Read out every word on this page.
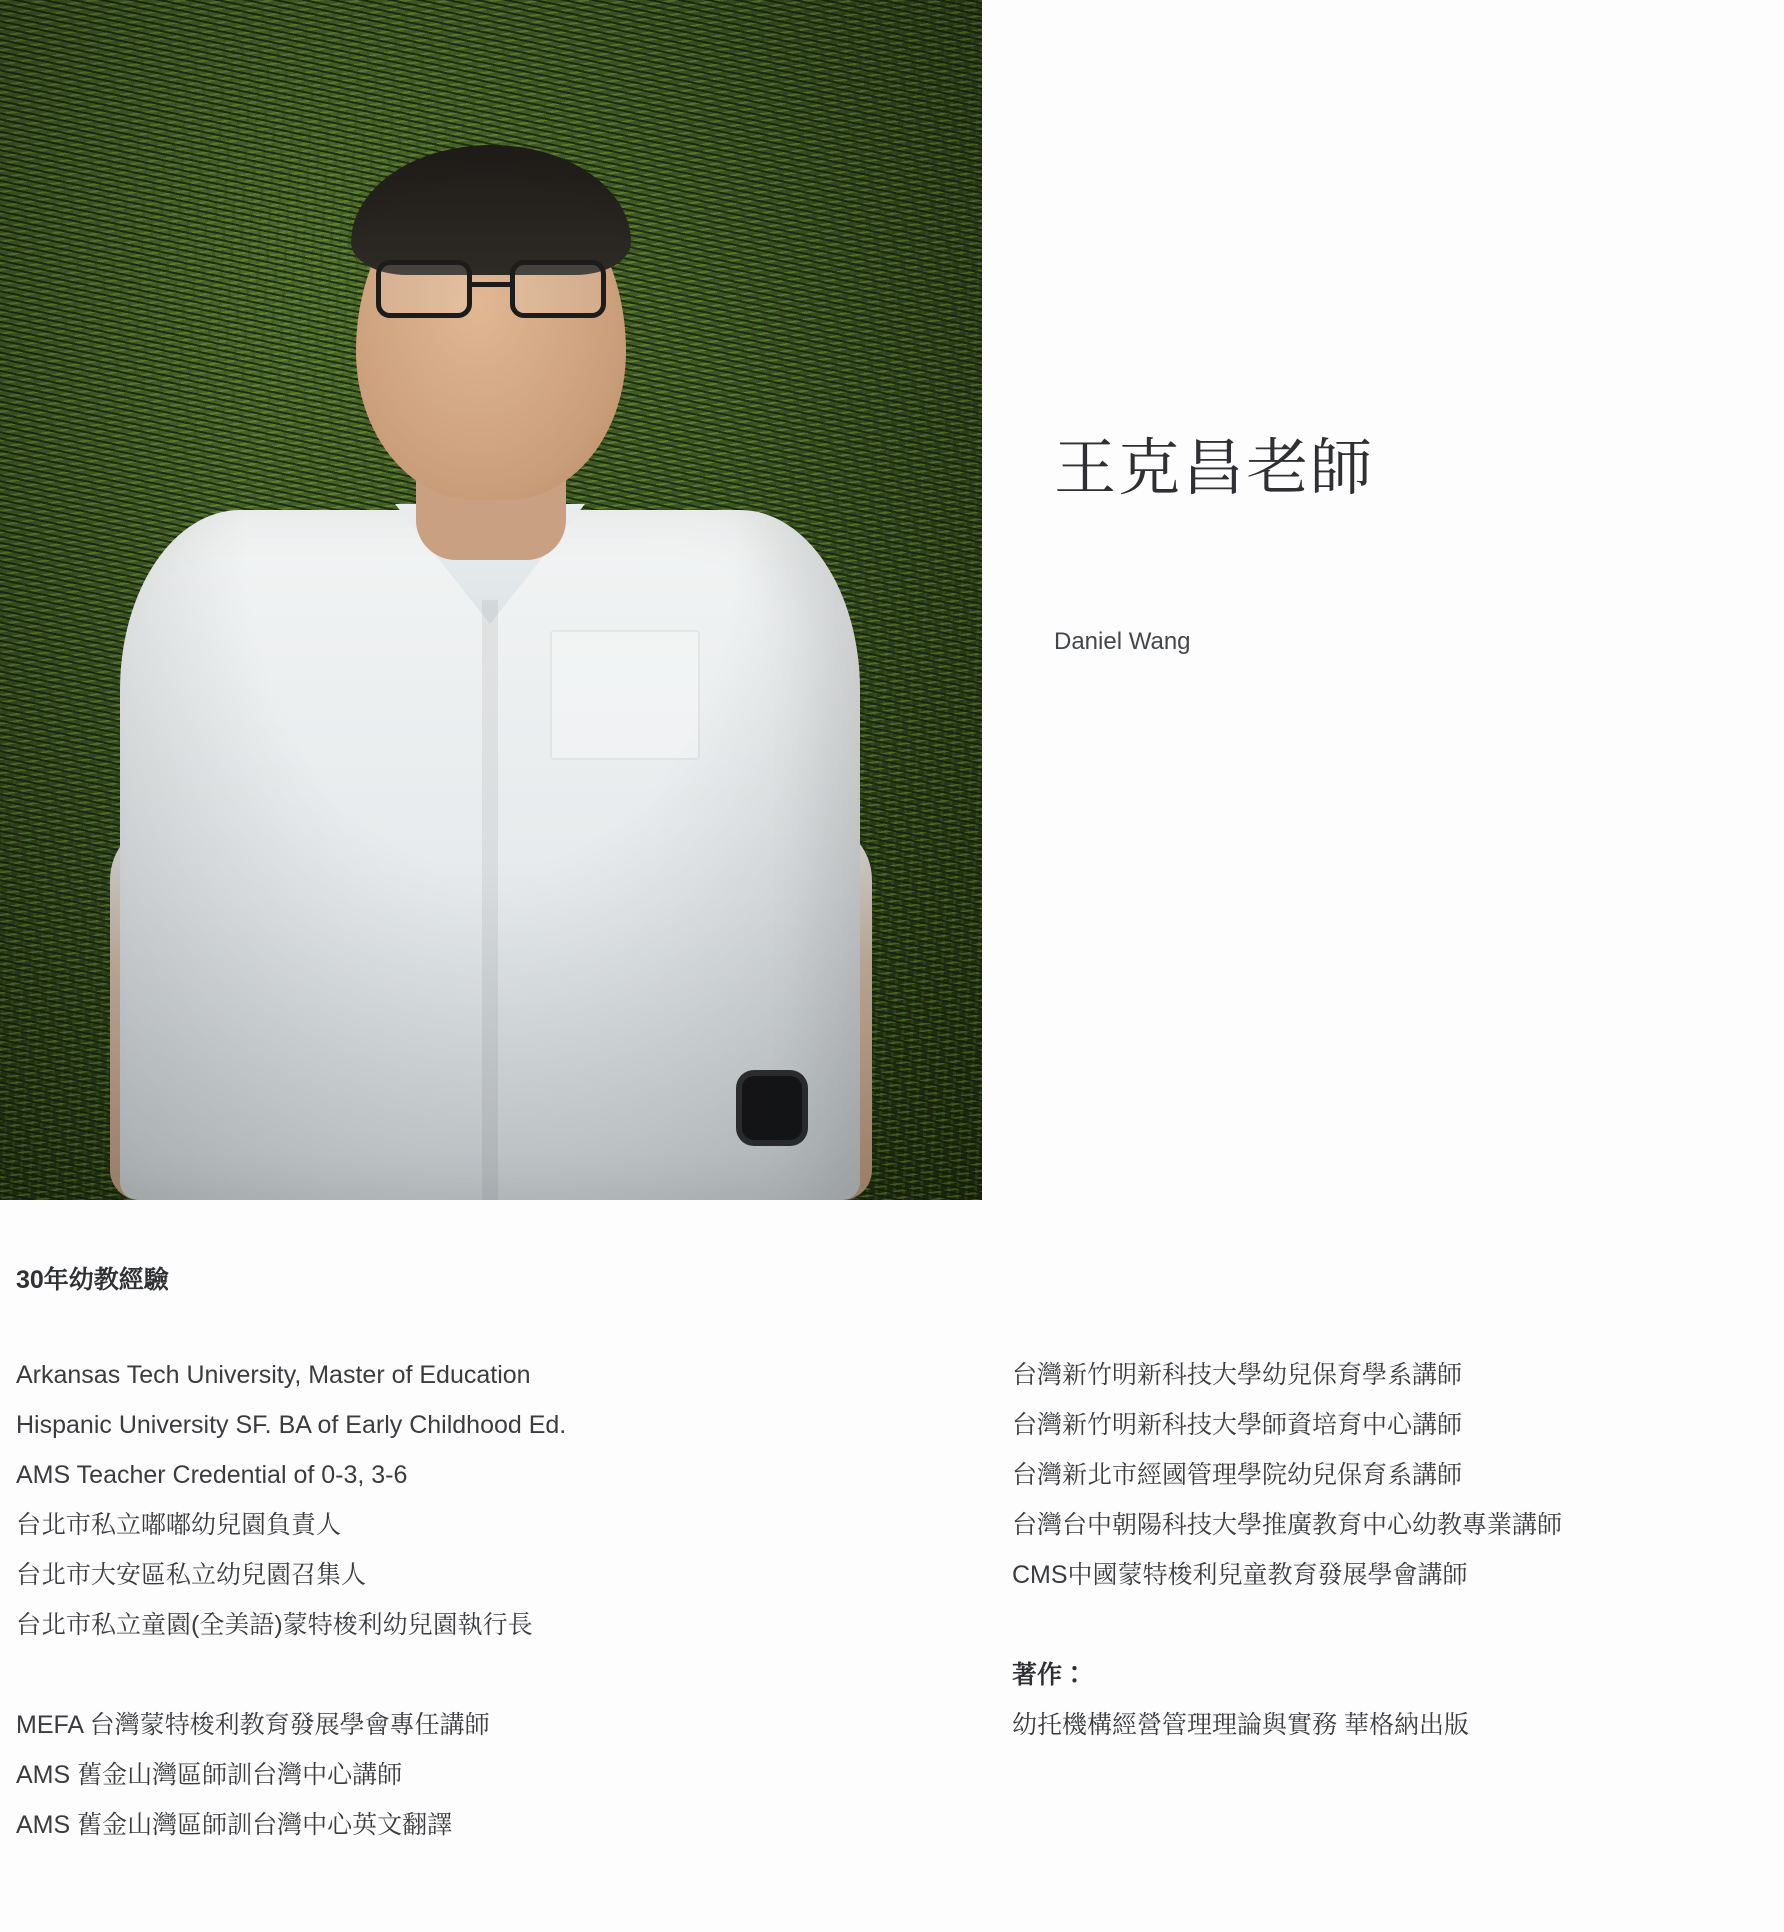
王克昌老師
Daniel Wang
30年幼教經驗
Arkansas Tech University, Master of Education
Hispanic University SF. BA of Early Childhood Ed.
AMS Teacher Credential of 0-3, 3-6
台北市私立嘟嘟幼兒園負責人
台北市大安區私立幼兒園召集人
台北市私立童園(全美語)蒙特梭利幼兒園執行長
MEFA 台灣蒙特梭利教育發展學會專任講師
AMS 舊金山灣區師訓台灣中心講師
AMS 舊金山灣區師訓台灣中心英文翻譯
台灣新竹明新科技大學幼兒保育學系講師
台灣新竹明新科技大學師資培育中心講師
台灣新北市經國管理學院幼兒保育系講師
台灣台中朝陽科技大學推廣教育中心幼教專業講師
CMS中國蒙特梭利兒童教育發展學會講師
著作：
幼托機構經營管理理論與實務 華格納出版
